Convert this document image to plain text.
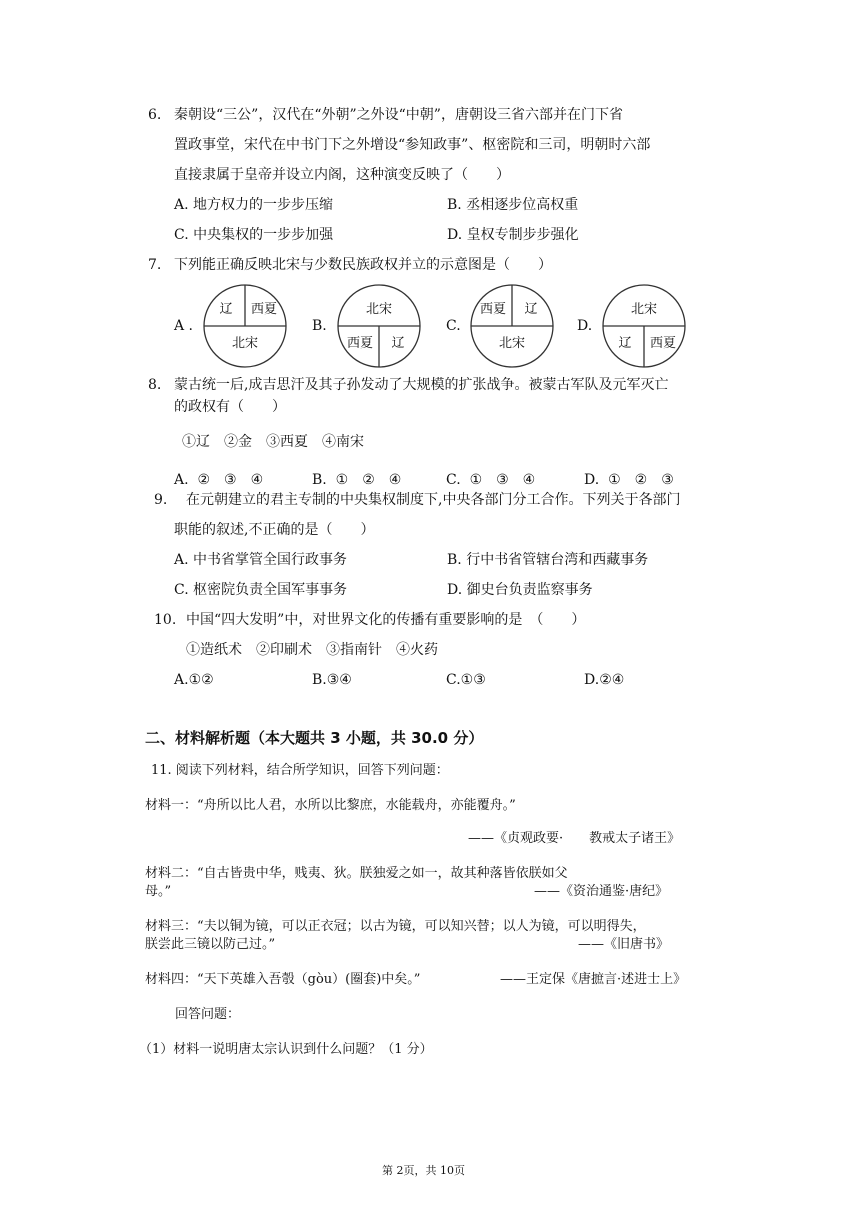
6. 秦朝设“三公”，汉代在“外朝”之外设“中朝”，唐朝设三省六部并在门下省
置政事堂，宋代在中书门下之外增设“参知政事”、枢密院和三司，明朝时六部
直接隶属于皇帝并设立内阁，这种演变反映了（　　）
A. 地方权力的一步步压缩	B. 丞相逐步位高权重
C. 中央集权的一步步加强	D. 皇权专制步步强化
7. 下列能正确反映北宋与少数民族政权并立的示意图是（　　）
A .
辽 西夏
北宋
B.
北宋
西夏 辽
C.
西夏 辽
北宋
D.
北宋
辽 西夏
8. 蒙古统一后,成吉思汗及其子孙发动了大规模的扩张战争。被蒙古军队及元军灭亡
的政权有（　　）
①辽　②金　③西夏　④南宋
A. ②　③　④	B. ①　②　④	C. ①　③　④	D. ①　②　③
9. 在元朝建立的君主专制的中央集权制度下,中央各部门分工合作。下列关于各部门
职能的叙述,不正确的是（　　）
A. 中书省掌管全国行政事务	B. 行中书省管辖台湾和西藏事务
C. 枢密院负责全国军事事务	D. 御史台负责监察事务
10. 中国“四大发明”中，对世界文化的传播有重要影响的是　（　　）
①造纸术　②印刷术　③指南针　④火药
A.①②	B.③④	C.①③	D.②④
二、材料解析题（本大题共 3 小题，共 30.0 分）
11. 阅读下列材料，结合所学知识，回答下列问题：
材料一：“舟所以比人君，水所以比黎庶，水能载舟，亦能覆舟。”
——《贞观政要·　　教戒太子诸王》
材料二：“自古皆贵中华，贱夷、狄。朕独爱之如一，故其种落皆依朕如父
母。”	——《资治通鉴·唐纪》
材料三：“夫以铜为镜，可以正衣冠；以古为镜，可以知兴替；以人为镜，可以明得失，
朕尝此三镜以防己过。”	——《旧唐书》
材料四：“天下英雄入吾彀（gòu）(圈套)中矣。”	——王定保《唐摭言·述进士上》
回答问题：
（1）材料一说明唐太宗认识到什么问题？（1 分）
第 2页，共 10页
